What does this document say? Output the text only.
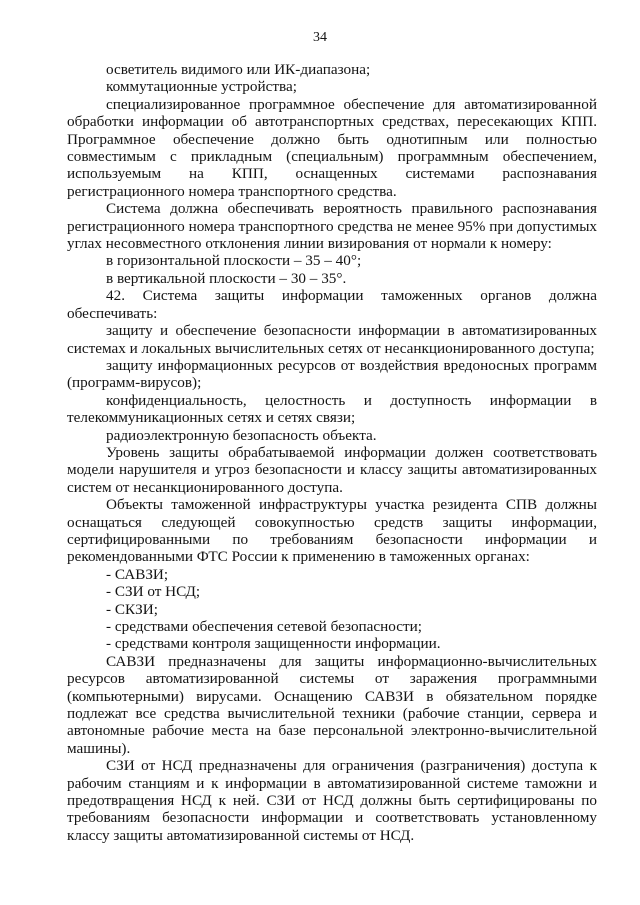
34

осветитель видимого или ИК-диапазона;

коммутационные устройства;

специализированное программное обеспечение для автоматизированной обработки информации об автотранспортных средствах, пересекающих КПП. Программное обеспечение должно быть однотипным или полностью совместимым с прикладным (специальным) программным обеспечением, используемым на КПП, оснащенных системами распознавания регистрационного номера транспортного средства.

Система должна обеспечивать вероятность правильного распознавания регистрационного номера транспортного средства не менее 95% при допустимых углах несовместного отклонения линии визирования от нормали к номеру:

в горизонтальной плоскости – 35 – 40°;

в вертикальной плоскости – 30 – 35°.

42. Система защиты информации таможенных органов должна обеспечивать:

защиту и обеспечение безопасности информации в автоматизированных системах и локальных вычислительных сетях от несанкционированного доступа;

защиту информационных ресурсов от воздействия вредоносных программ (программ-вирусов);

конфиденциальность, целостность и доступность информации в телекоммуникационных сетях и сетях связи;

радиоэлектронную безопасность объекта.

Уровень защиты обрабатываемой информации должен соответствовать модели нарушителя и угроз безопасности и классу защиты автоматизированных систем от несанкционированного доступа.

Объекты таможенной инфраструктуры участка резидента СПВ должны оснащаться следующей совокупностью средств защиты информации, сертифицированными по требованиям безопасности информации и рекомендованными ФТС России к применению в таможенных органах:

- САВЗИ;

- СЗИ от НСД;

- СКЗИ;

- средствами обеспечения сетевой безопасности;

- средствами контроля защищенности информации.

САВЗИ предназначены для защиты информационно-вычислительных ресурсов автоматизированной системы от заражения программными (компьютерными) вирусами. Оснащению САВЗИ в обязательном порядке подлежат все средства вычислительной техники (рабочие станции, сервера и автономные рабочие места на базе персональной электронно-вычислительной машины).

СЗИ от НСД предназначены для ограничения (разграничения) доступа к рабочим станциям и к информации в автоматизированной системе таможни и предотвращения НСД к ней. СЗИ от НСД должны быть сертифицированы по требованиям безопасности информации и соответствовать установленному классу защиты автоматизированной системы от НСД.
